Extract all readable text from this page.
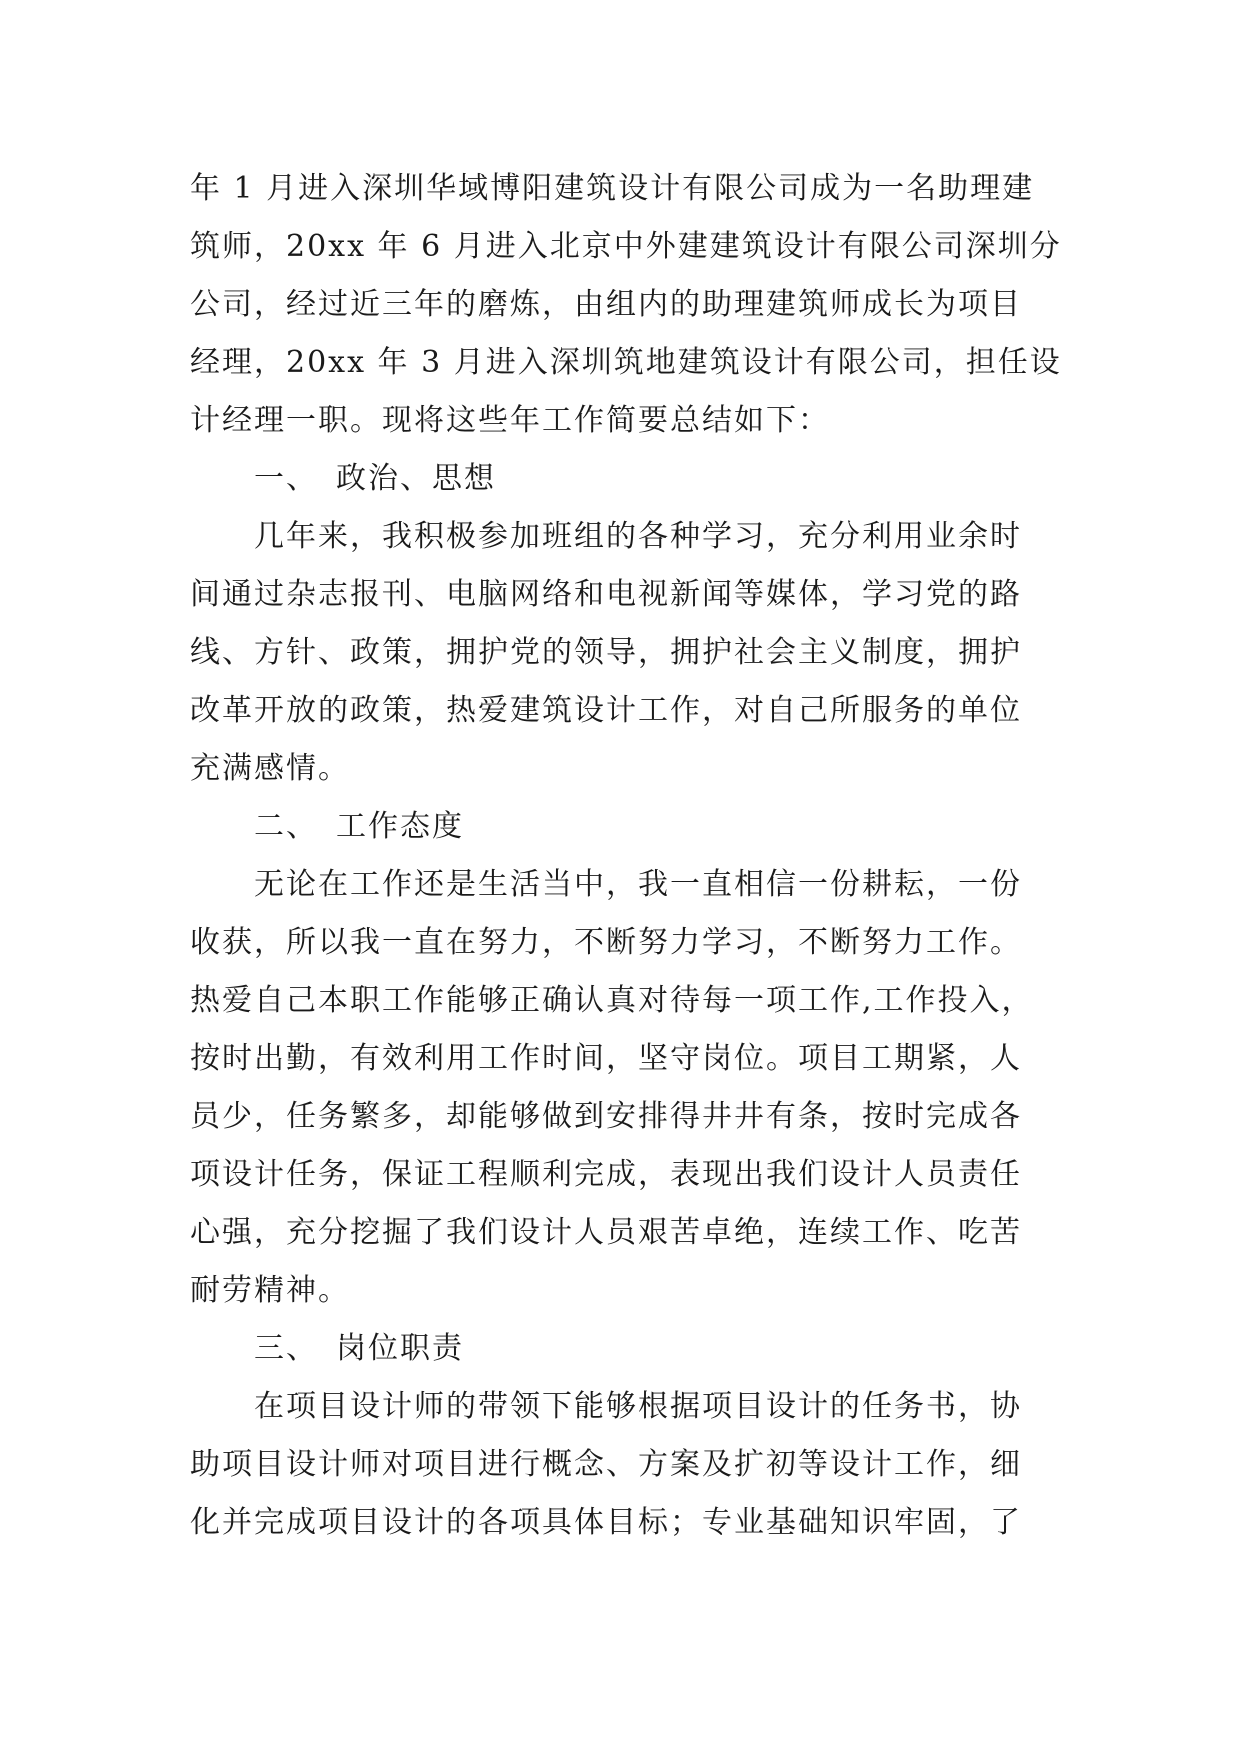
年 1 月进入深圳华域博阳建筑设计有限公司成为一名助理建
筑师，20xx 年 6 月进入北京中外建建筑设计有限公司深圳分
公司，经过近三年的磨炼，由组内的助理建筑师成长为项目
经理，20xx 年 3 月进入深圳筑地建筑设计有限公司，担任设
计经理一职。现将这些年工作简要总结如下：
一、 政治、思想
几年来，我积极参加班组的各种学习，充分利用业余时
间通过杂志报刊、电脑网络和电视新闻等媒体，学习党的路
线、方针、政策，拥护党的领导，拥护社会主义制度，拥护
改革开放的政策，热爱建筑设计工作，对自己所服务的单位
充满感情。
二、 工作态度
无论在工作还是生活当中，我一直相信一份耕耘，一份
收获，所以我一直在努力，不断努力学习，不断努力工作。
热爱自己本职工作能够正确认真对待每一项工作,工作投入，
按时出勤，有效利用工作时间，坚守岗位。项目工期紧，人
员少，任务繁多，却能够做到安排得井井有条，按时完成各
项设计任务，保证工程顺利完成，表现出我们设计人员责任
心强，充分挖掘了我们设计人员艰苦卓绝，连续工作、吃苦
耐劳精神。
三、 岗位职责
在项目设计师的带领下能够根据项目设计的任务书，协
助项目设计师对项目进行概念、方案及扩初等设计工作，细
化并完成项目设计的各项具体目标；专业基础知识牢固，了
